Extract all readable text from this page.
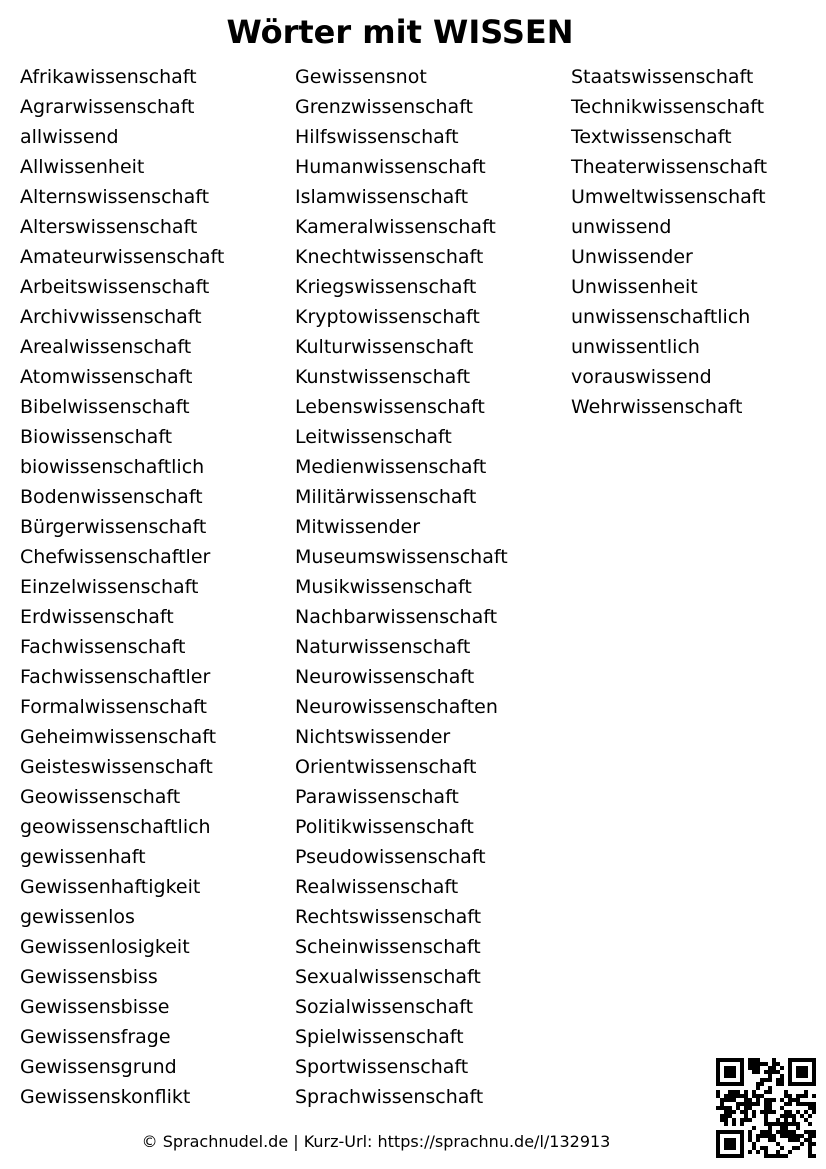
Wörter mit WISSEN
Afrikawissenschaft
Agrarwissenschaft
allwissend
Allwissenheit
Alternswissenschaft
Alterswissenschaft
Amateurwissenschaft
Arbeitswissenschaft
Archivwissenschaft
Arealwissenschaft
Atomwissenschaft
Bibelwissenschaft
Biowissenschaft
biowissenschaftlich
Bodenwissenschaft
Bürgerwissenschaft
Chefwissenschaftler
Einzelwissenschaft
Erdwissenschaft
Fachwissenschaft
Fachwissenschaftler
Formalwissenschaft
Geheimwissenschaft
Geisteswissenschaft
Geowissenschaft
geowissenschaftlich
gewissenhaft
Gewissenhaftigkeit
gewissenlos
Gewissenlosigkeit
Gewissensbiss
Gewissensbisse
Gewissensfrage
Gewissensgrund
Gewissenskonflikt
Gewissensnot
Grenzwissenschaft
Hilfswissenschaft
Humanwissenschaft
Islamwissenschaft
Kameralwissenschaft
Knechtwissenschaft
Kriegswissenschaft
Kryptowissenschaft
Kulturwissenschaft
Kunstwissenschaft
Lebenswissenschaft
Leitwissenschaft
Medienwissenschaft
Militärwissenschaft
Mitwissender
Museumswissenschaft
Musikwissenschaft
Nachbarwissenschaft
Naturwissenschaft
Neurowissenschaft
Neurowissenschaften
Nichtswissender
Orientwissenschaft
Parawissenschaft
Politikwissenschaft
Pseudowissenschaft
Realwissenschaft
Rechtswissenschaft
Scheinwissenschaft
Sexualwissenschaft
Sozialwissenschaft
Spielwissenschaft
Sportwissenschaft
Sprachwissenschaft
Staatswissenschaft
Technikwissenschaft
Textwissenschaft
Theaterwissenschaft
Umweltwissenschaft
unwissend
Unwissender
Unwissenheit
unwissenschaftlich
unwissentlich
vorauswissend
Wehrwissenschaft
© Sprachnudel.de | Kurz-Url: https://sprachnu.de/l/132913
